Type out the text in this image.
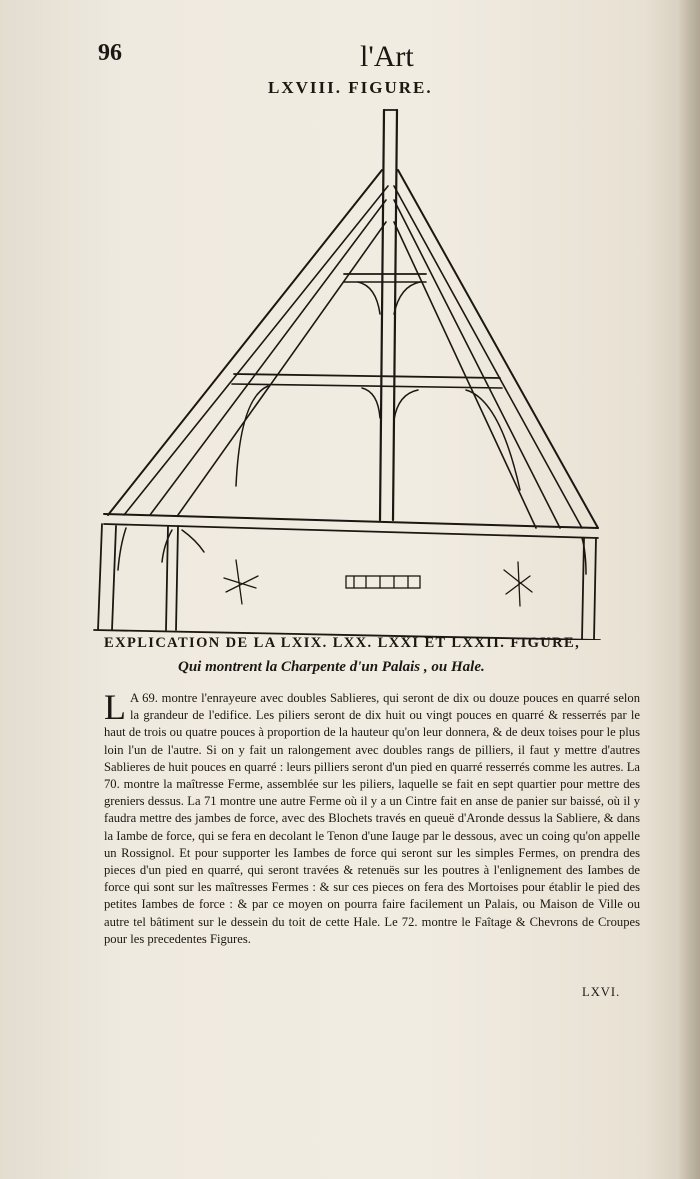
96	l'Art
LXVIII. FIGURE.
EXPLICATION DE LA LXIX. LXX. LXXI ET LXXII. FIGURE,
Qui montrent la Charpente d'un Palais , ou Hale.
L A 69. montre l'enrayeure avec doubles Sablieres, qui seront de dix ou douze pouces en quarré selon la grandeur de l'edifice. Les piliers seront de dix huit ou vingt pouces en quarré & resserrés par le haut de trois ou quatre pouces à proportion de la hauteur qu'on leur donnera, & de deux toises pour le plus loin l'un de l'autre. Si on y fait un ralongement avec doubles rangs de pilliers, il faut y mettre d'autres Sablieres de huit pouces en quarré : leurs pilliers seront d'un pied en quarré resserrés comme les autres. La 70. montre la maîtresse Ferme, assemblée sur les piliers, laquelle se fait en sept quartier pour mettre des greniers dessus. La 71 montre une autre Ferme où il y a un Cintre fait en anse de panier sur baissé, où il y faudra mettre des jambes de force, avec des Blochets través en queuë d'Aronde dessus la Sabliere, & dans la Iambe de force, qui se fera en decolant le Tenon d'une Iauge par le dessous, avec un coing qu'on appelle un Rossignol. Et pour supporter les Iambes de force qui seront sur les simples Fermes, on prendra des pieces d'un pied en quarré, qui seront travées & retenuës sur les poutres à l'enlignement des Iambes de force qui sont sur les maîtresses Fermes : & sur ces pieces on fera des Mortoises pour établir le pied des petites Iambes de force : & par ce moyen on pourra faire facilement un Palais, ou Maison de Ville ou autre tel bâtiment sur le dessein du toit de cette Hale. Le 72. montre le Faîtage & Chevrons de Croupes pour les precedentes Figures.
LXVI.
